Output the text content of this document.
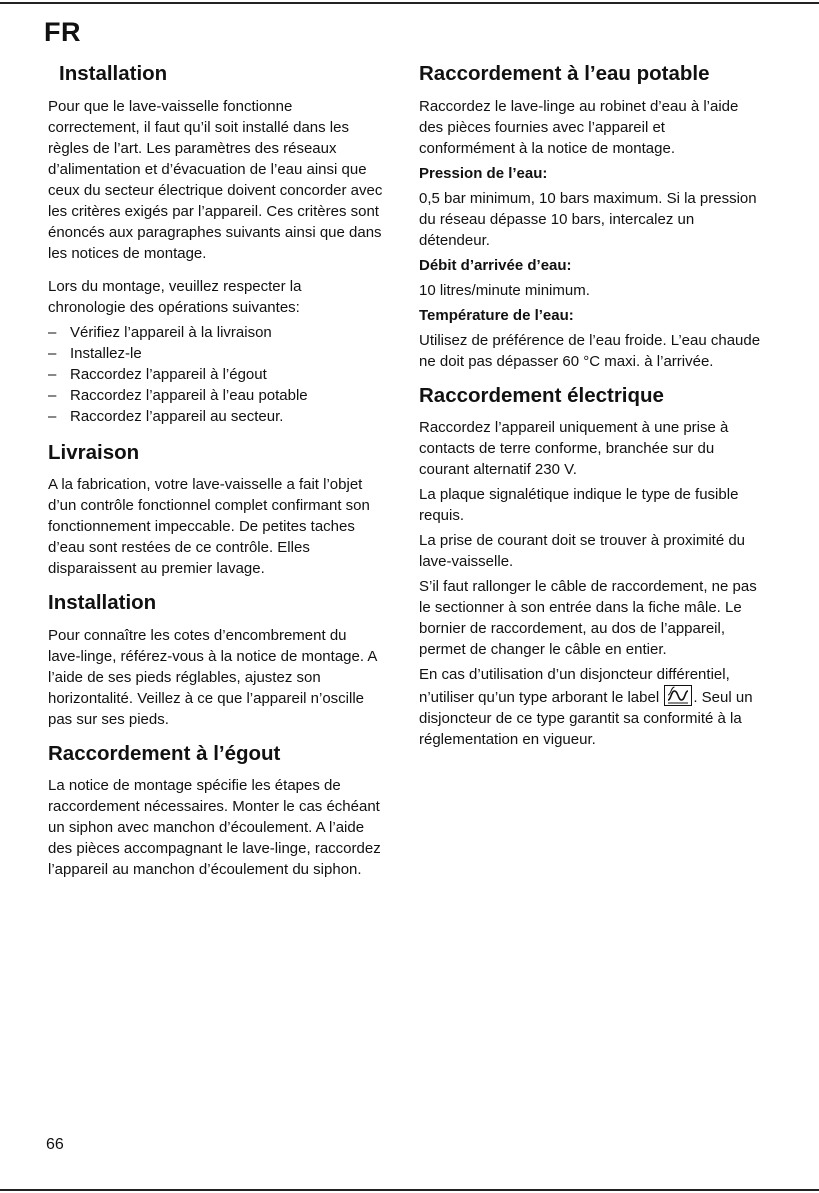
FR
Installation

Pour que le lave-vaisselle fonctionne correctement, il faut qu’il soit installé dans les règles de l’art. Les paramètres des réseaux d’alimentation et d’évacuation de l’eau ainsi que ceux du secteur électrique doivent concorder avec les critères exigés par l’appareil. Ces critères sont énoncés aux paragraphes suivants ainsi que dans les notices de montage.

Lors du montage, veuillez respecter la chronologie des opérations suivantes:

– Vérifiez l’appareil à la livraison
– Installez-le
– Raccordez l’appareil à l’égout
– Raccordez l’appareil à l’eau potable
– Raccordez l’appareil au secteur.
Livraison

A la fabrication, votre lave-vaisselle a fait l’objet d’un contrôle fonctionnel complet confirmant son fonctionnement impeccable. De petites taches d’eau sont restées de ce contrôle. Elles disparaissent au premier lavage.

Installation

Pour connaître les cotes d’encombrement du lave-linge, référez-vous à la notice de montage. A l’aide de ses pieds réglables, ajustez son horizontalité. Veillez à ce que l’appareil n’oscille pas sur ses pieds.

Raccordement à l’égout

La notice de montage spécifie les étapes de raccordement nécessaires. Monter le cas échéant un siphon avec manchon d’écoulement. A l’aide des pièces accompagnant le lave-linge, raccordez l’appareil au manchon d’écoulement du siphon.

Raccordement à l’eau potable

Raccordez le lave-linge au robinet d’eau à l’aide des pièces fournies avec l’appareil et conformément à la notice de montage.

Pression de l’eau:

0,5 bar minimum, 10 bars maximum. Si la pression du réseau dépasse 10 bars, intercalez un détendeur.

Débit d’arrivée d’eau:

10 litres/minute minimum.

Température de l’eau:

Utilisez de préférence de l’eau froide. L’eau chaude ne doit pas dépasser 60 °C maxi. à l’arrivée.

Raccordement électrique

Raccordez l’appareil uniquement à une prise à contacts de terre conforme, branchée sur du courant alternatif 230 V.

La plaque signalétique indique le type de fusible requis.

La prise de courant doit se trouver à proximité du lave-vaisselle.

S’il faut rallonger le câble de raccordement, ne pas le sectionner à son entrée dans la fiche mâle. Le bornier de raccordement, au dos de l’appareil, permet de changer le câble en entier.

En cas d’utilisation d’un disjoncteur différentiel, n’utiliser qu’un type arborant le label . Seul un disjoncteur de ce type garantit sa conformité à la réglementation en vigueur.

66
